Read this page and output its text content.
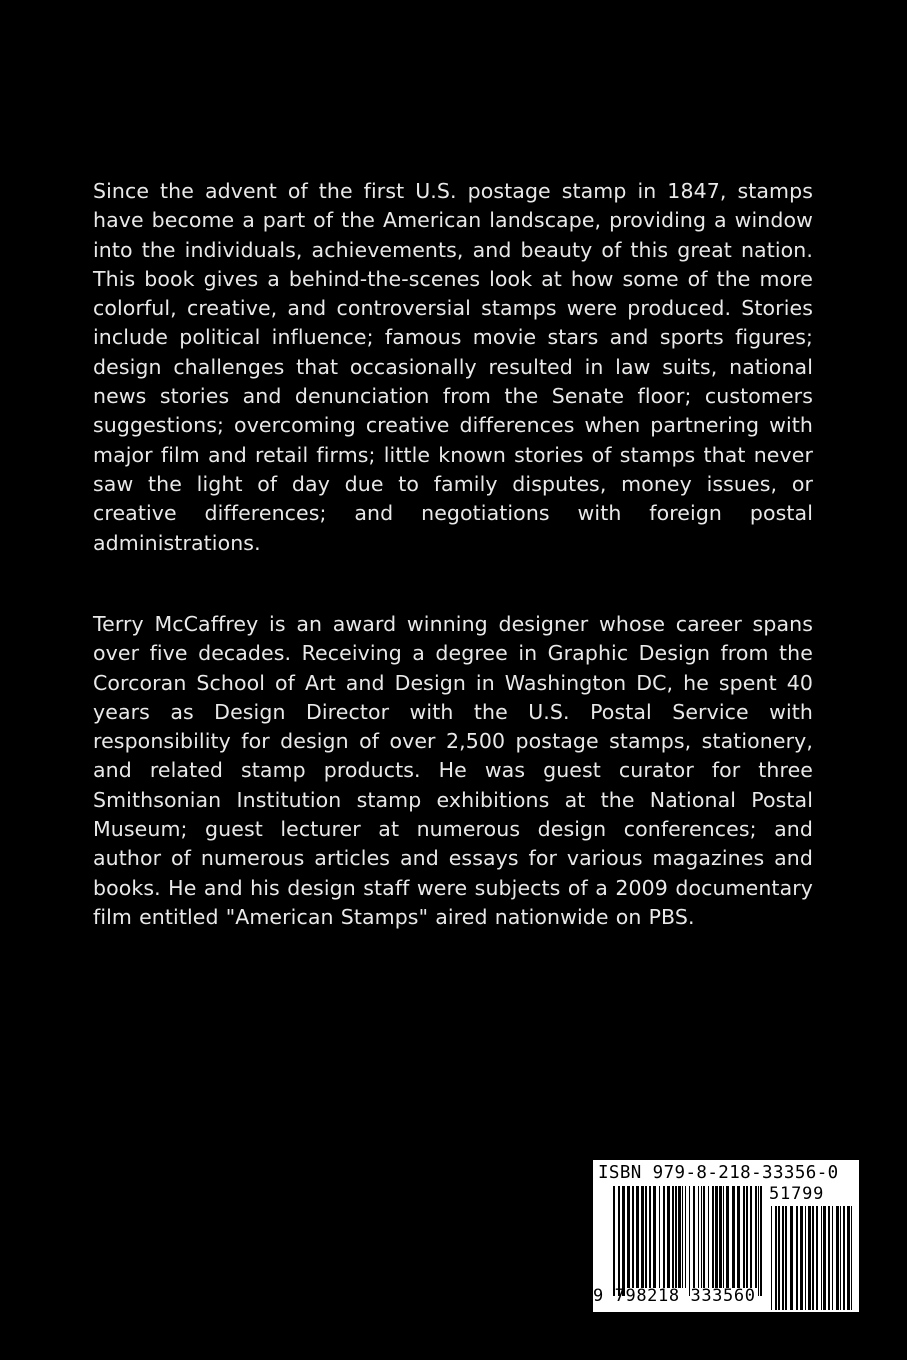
Since the advent of the first U.S. postage stamp in 1847, stamps have become a part of the American landscape, providing a window into the individuals, achievements, and beauty of this great nation. This book gives a behind-the-scenes look at how some of the more colorful, creative, and controversial stamps were produced. Stories include political influence; famous movie stars and sports figures; design challenges that occasionally resulted in law suits, national news stories and denunciation from the Senate floor; customers suggestions; overcoming creative differences when partnering with major film and retail firms; little known stories of stamps that never saw the light of day due to family disputes, money issues, or creative differences; and negotiations with foreign postal administrations.

Terry McCaffrey is an award winning designer whose career spans over five decades. Receiving a degree in Graphic Design from the Corcoran School of Art and Design in Washington DC, he spent 40 years as Design Director with the U.S. Postal Service with responsibility for design of over 2,500 postage stamps, stationery, and related stamp products. He was guest curator for three Smithsonian Institution stamp exhibitions at the National Postal Museum; guest lecturer at numerous design conferences; and author of numerous articles and essays for various magazines and books. He and his design staff were subjects of a 2009 documentary film entitled "American Stamps" aired nationwide on PBS.

ISBN 979-8-218-33356-0
9 798218 333560
51799
